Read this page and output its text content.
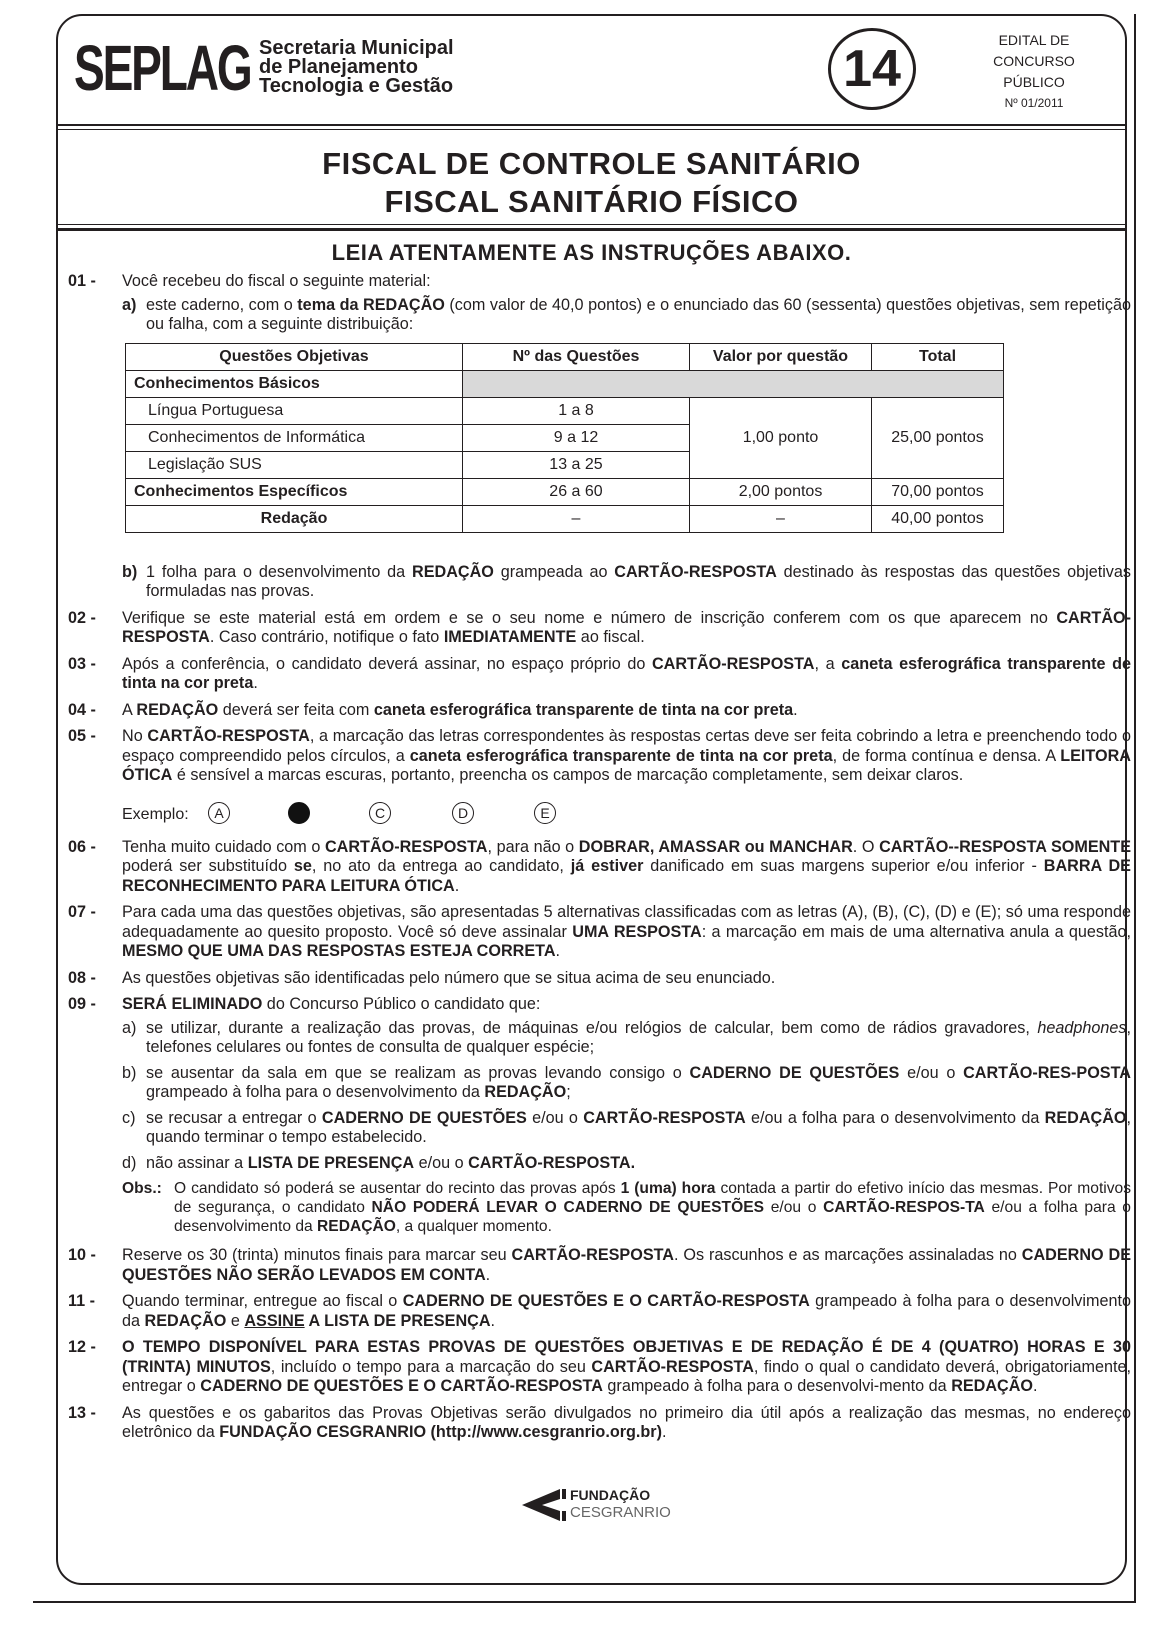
SEPLAG Secretaria Municipal
de Planejamento
Tecnologia e Gestão	14	EDITAL DE
CONCURSO PÚBLICO
Nº 01/2011
FISCAL DE CONTROLE SANITÁRIO
FISCAL SANITÁRIO FÍSICO
LEIA ATENTAMENTE AS INSTRUÇÕES ABAIXO.
01 - Você recebeu do fiscal o seguinte material:
a) este caderno, com o tema da REDAÇÃO (com valor de 40,0 pontos) e o enunciado das 60 (sessenta) questões objetivas, sem repetição ou falha, com a seguinte distribuição:
Questões Objetivas	Nº das Questões	Valor por questão	Total
Conhecimentos Básicos			
Língua Portuguesa	1 a 8	1,00 ponto	25,00 pontos
Conhecimentos de Informática	9 a 12		
Legislação SUS	13 a 25		
Conhecimentos Específicos	26 a 60	2,00 pontos	70,00 pontos
Redação	–	–	40,00 pontos
b) 1 folha para o desenvolvimento da REDAÇÃO grampeada ao CARTÃO-RESPOSTA destinado às respostas das questões objetivas formuladas nas provas.
02 - Verifique se este material está em ordem e se o seu nome e número de inscrição conferem com os que aparecem no CARTÃO-RESPOSTA. Caso contrário, notifique o fato IMEDIATAMENTE ao fiscal.
03 - Após a conferência, o candidato deverá assinar, no espaço próprio do CARTÃO-RESPOSTA, a caneta esferográfica transparente de tinta na cor preta.
04 - A REDAÇÃO deverá ser feita com caneta esferográfica transparente de tinta na cor preta.
05 - No CARTÃO-RESPOSTA, a marcação das letras correspondentes às respostas certas deve ser feita cobrindo a letra e preenchendo todo o espaço compreendido pelos círculos, a caneta esferográfica transparente de tinta na cor preta, de forma contínua e densa. A LEITORA ÓTICA é sensível a marcas escuras, portanto, preencha os campos de marcação completamente, sem deixar claros.
Exemplo:	A	C	D	E
06 - Tenha muito cuidado com o CARTÃO-RESPOSTA, para não o DOBRAR, AMASSAR ou MANCHAR. O CARTÃO--RESPOSTA SOMENTE poderá ser substituído se, no ato da entrega ao candidato, já estiver danificado em suas margens superior e/ou inferior - BARRA DE RECONHECIMENTO PARA LEITURA ÓTICA.
07 - Para cada uma das questões objetivas, são apresentadas 5 alternativas classificadas com as letras (A), (B), (C), (D) e (E); só uma responde adequadamente ao quesito proposto. Você só deve assinalar UMA RESPOSTA: a marcação em mais de uma alternativa anula a questão, MESMO QUE UMA DAS RESPOSTAS ESTEJA CORRETA.
08 - As questões objetivas são identificadas pelo número que se situa acima de seu enunciado.
09 - SERÁ ELIMINADO do Concurso Público o candidato que:
a) se utilizar, durante a realização das provas, de máquinas e/ou relógios de calcular, bem como de rádios gravadores, headphones, telefones celulares ou fontes de consulta de qualquer espécie;
b) se ausentar da sala em que se realizam as provas levando consigo o CADERNO DE QUESTÕES e/ou o CARTÃO-RES-POSTA grampeado à folha para o desenvolvimento da REDAÇÃO;
c) se recusar a entregar o CADERNO DE QUESTÕES e/ou o CARTÃO-RESPOSTA e/ou a folha para o desenvolvimento da REDAÇÃO, quando terminar o tempo estabelecido.
d) não assinar a LISTA DE PRESENÇA e/ou o CARTÃO-RESPOSTA.
Obs.: O candidato só poderá se ausentar do recinto das provas após 1 (uma) hora contada a partir do efetivo início das mesmas. Por motivos de segurança, o candidato NÃO PODERÁ LEVAR O CADERNO DE QUESTÕES e/ou o CARTÃO-RESPOS-TA e/ou a folha para o desenvolvimento da REDAÇÃO, a qualquer momento.
10 - Reserve os 30 (trinta) minutos finais para marcar seu CARTÃO-RESPOSTA. Os rascunhos e as marcações assinaladas no CADERNO DE QUESTÕES NÃO SERÃO LEVADOS EM CONTA.
11 - Quando terminar, entregue ao fiscal o CADERNO DE QUESTÕES E O CARTÃO-RESPOSTA grampeado à folha para o desenvolvimento da REDAÇÃO e ASSINE A LISTA DE PRESENÇA.
12 - O TEMPO DISPONÍVEL PARA ESTAS PROVAS DE QUESTÕES OBJETIVAS E DE REDAÇÃO É DE 4 (QUATRO) HORAS E 30 (TRINTA) MINUTOS, incluído o tempo para a marcação do seu CARTÃO-RESPOSTA, findo o qual o candidato deverá, obrigatoriamente, entregar o CADERNO DE QUESTÕES E O CARTÃO-RESPOSTA grampeado à folha para o desenvolvi-mento da REDAÇÃO.
13 - As questões e os gabaritos das Provas Objetivas serão divulgados no primeiro dia útil após a realização das mesmas, no endereço eletrônico da FUNDAÇÃO CESGRANRIO (http://www.cesgranrio.org.br).
FUNDAÇÃO
CESGRANRIO
